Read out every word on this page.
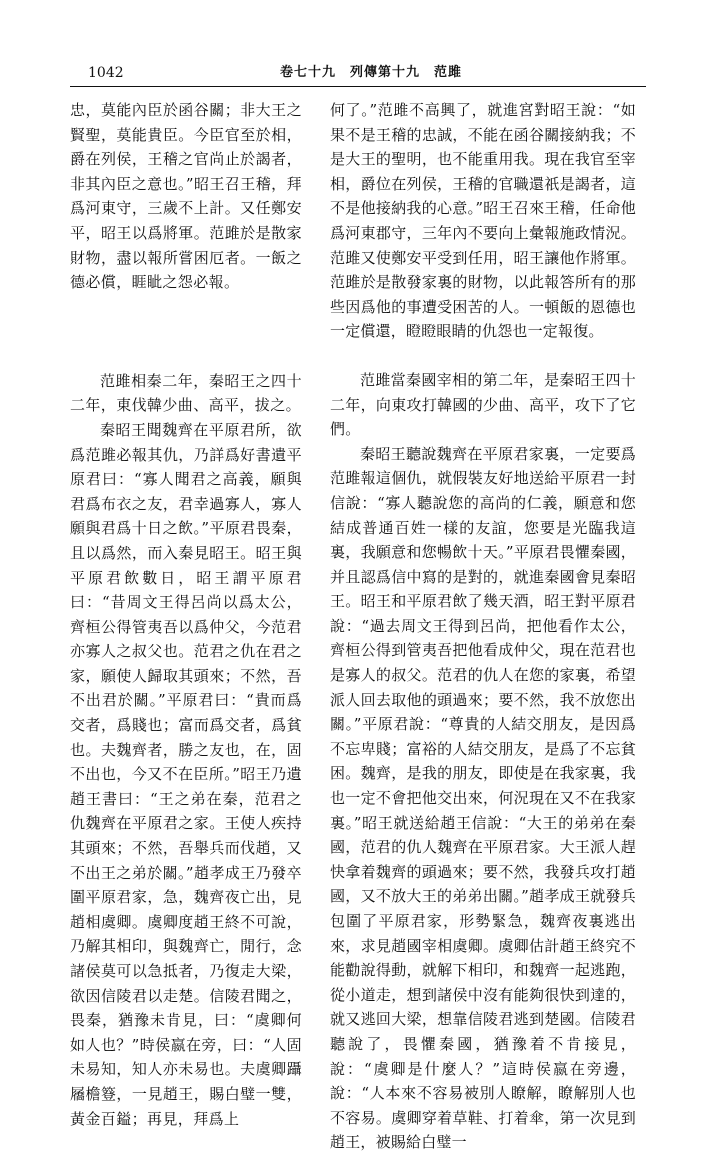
1042	卷七十九　列傳第十九　范雎

忠，莫能內臣於函谷關；非大王之賢聖，莫能貴臣。今臣官至於相，爵在列侯，王稽之官尚止於謁者，非其內臣之意也。”昭王召王稽，拜爲河東守，三歲不上計。又任鄭安平，昭王以爲將軍。范雎於是散家財物，盡以報所嘗困厄者。一飯之德必償，睚眦之怨必報。

范雎相秦二年，秦昭王之四十二年，東伐韓少曲、高平，拔之。

秦昭王聞魏齊在平原君所，欲爲范雎必報其仇，乃詳爲好書遺平原君曰：“寡人聞君之高義，願與君爲布衣之友，君幸過寡人，寡人願與君爲十日之飲。”平原君畏秦，且以爲然，而入秦見昭王。昭王與平原君飲數日，昭王謂平原君曰：“昔周文王得呂尚以爲太公，齊桓公得管夷吾以爲仲父，今范君亦寡人之叔父也。范君之仇在君之家，願使人歸取其頭來；不然，吾不出君於關。”平原君曰：“貴而爲交者，爲賤也；富而爲交者，爲貧也。夫魏齊者，勝之友也，在，固不出也，今又不在臣所。”昭王乃遺趙王書曰：“王之弟在秦，范君之仇魏齊在平原君之家。王使人疾持其頭來；不然，吾舉兵而伐趙，又不出王之弟於關。”趙孝成王乃發卒圍平原君家，急，魏齊夜亡出，見趙相虞卿。虞卿度趙王終不可說，乃解其相印，與魏齊亡，閒行，念諸侯莫可以急抵者，乃復走大梁，欲因信陵君以走楚。信陵君聞之，畏秦，猶豫未肯見，曰：“虞卿何如人也？”時侯嬴在旁，曰：“人固未易知，知人亦未易也。夫虞卿躡屩檐簦，一見趙王，賜白璧一雙，黃金百鎰；再見，拜爲上

何了。”范雎不高興了，就進宮對昭王說：“如果不是王稽的忠誠，不能在函谷關接納我；不是大王的聖明，也不能重用我。現在我官至宰相，爵位在列侯，王稽的官職還祇是謁者，這不是他接納我的心意。”昭王召來王稽，任命他爲河東郡守，三年內不要向上彙報施政情況。范雎又使鄭安平受到任用，昭王讓他作將軍。范雎於是散發家裏的財物，以此報答所有的那些因爲他的事遭受困苦的人。一頓飯的恩德也一定償還，瞪瞪眼睛的仇怨也一定報復。

范雎當秦國宰相的第二年，是秦昭王四十二年，向東攻打韓國的少曲、高平，攻下了它們。

秦昭王聽說魏齊在平原君家裏，一定要爲范雎報這個仇，就假裝友好地送給平原君一封信說：“寡人聽說您的高尚的仁義，願意和您結成普通百姓一樣的友誼，您要是光臨我這裏，我願意和您暢飲十天。”平原君畏懼秦國，并且認爲信中寫的是對的，就進秦國會見秦昭王。昭王和平原君飲了幾天酒，昭王對平原君說：“過去周文王得到呂尚，把他看作太公，齊桓公得到管夷吾把他看成仲父，現在范君也是寡人的叔父。范君的仇人在您的家裏，希望派人回去取他的頭過來；要不然，我不放您出關。”平原君說：“尊貴的人結交朋友，是因爲不忘卑賤；富裕的人結交朋友，是爲了不忘貧困。魏齊，是我的朋友，即使是在我家裏，我也一定不會把他交出來，何況現在又不在我家裏。”昭王就送給趙王信說：“大王的弟弟在秦國，范君的仇人魏齊在平原君家。大王派人趕快拿着魏齊的頭過來；要不然，我發兵攻打趙國，又不放大王的弟弟出關。”趙孝成王就發兵包圍了平原君家，形勢緊急，魏齊夜裏逃出來，求見趙國宰相虞卿。虞卿估計趙王終究不能勸說得動，就解下相印，和魏齊一起逃跑，從小道走，想到諸侯中沒有能夠很快到達的，就又逃回大梁，想靠信陵君逃到楚國。信陵君聽說了，畏懼秦國，猶豫着不肯接見，說：“虞卿是什麼人？”這時侯嬴在旁邊，說：“人本來不容易被別人瞭解，瞭解別人也不容易。虞卿穿着草鞋、打着傘，第一次見到趙王，被賜給白璧一
